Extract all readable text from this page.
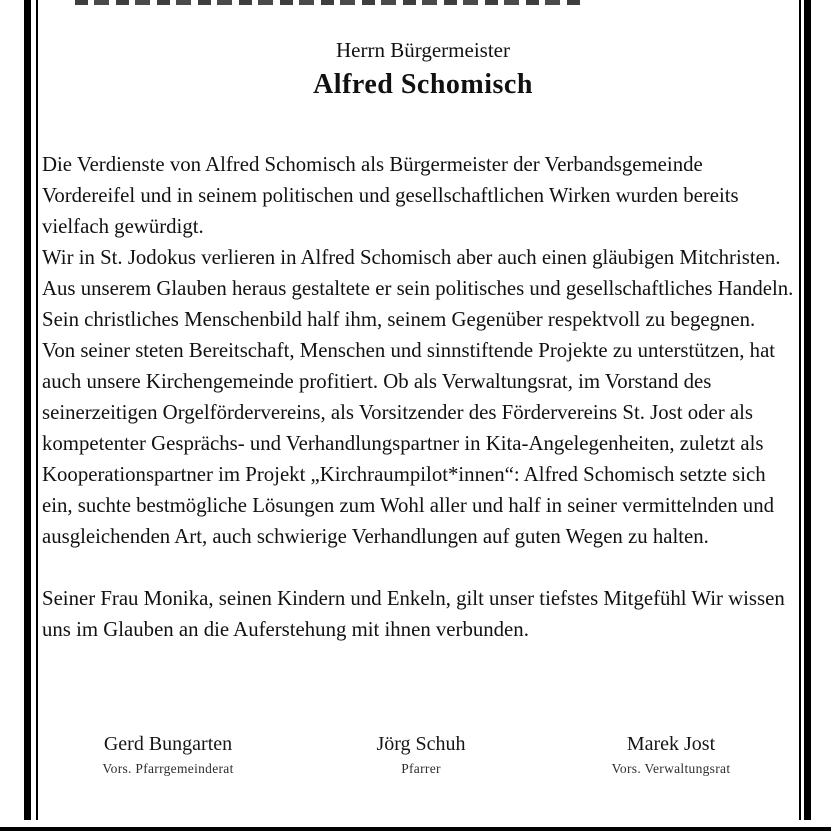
Herrn Bürgermeister
Alfred Schomisch

Die Verdienste von Alfred Schomisch als Bürgermeister der Verbandsgemeinde Vordereifel und in seinem politischen und gesellschaftlichen Wirken wurden bereits vielfach gewürdigt.

Wir in St. Jodokus verlieren in Alfred Schomisch aber auch einen gläubigen Mitchristen. Aus unserem Glauben heraus gestaltete er sein politisches und gesellschaftliches Handeln. Sein christliches Menschenbild half ihm, seinem Gegenüber respektvoll zu begegnen.

Von seiner steten Bereitschaft, Menschen und sinnstiftende Projekte zu unterstützen, hat auch unsere Kirchengemeinde profitiert. Ob als Verwaltungsrat, im Vorstand des seinerzeitigen Orgelfördervereins, als Vorsitzender des Fördervereins St. Jost oder als kompetenter Gesprächs- und Verhandlungspartner in Kita-Angelegenheiten, zuletzt als Kooperationspartner im Projekt „Kirchraumpilot*innen“: Alfred Schomisch setzte sich ein, suchte bestmögliche Lösungen zum Wohl aller und half in seiner vermittelnden und ausgleichenden Art, auch schwierige Verhandlungen auf guten Wegen zu halten.

Seiner Frau Monika, seinen Kindern und Enkeln, gilt unser tiefstes Mitgefühl Wir wissen uns im Glauben an die Auferstehung mit ihnen verbunden.

Gerd Bungarten
Vors. Pfarrgemeinderat
Jörg Schuh
Pfarrer
Marek Jost
Vors. Verwaltungsrat
